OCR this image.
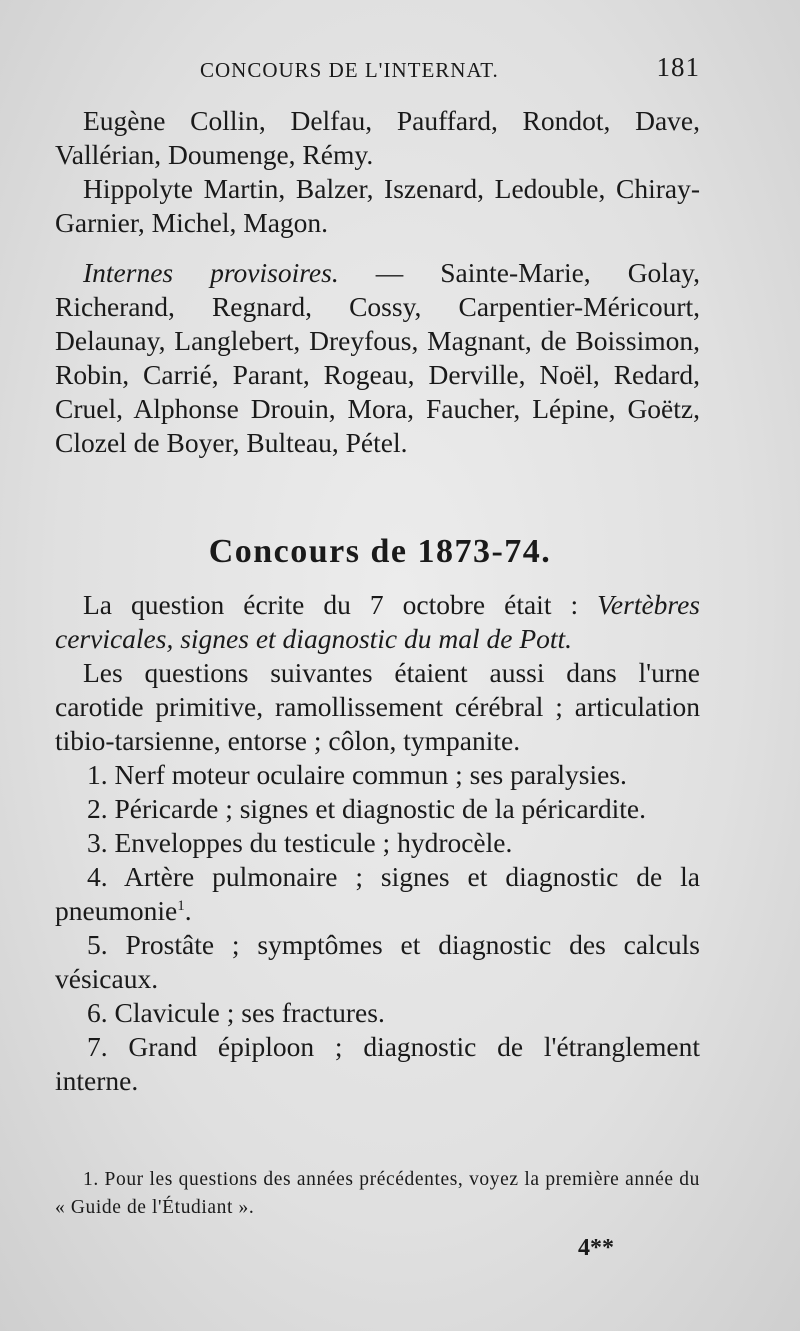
CONCOURS DE L'INTERNAT.	181

Eugène Collin, Delfau, Pauffard, Rondot, Dave, Vallérian, Doumenge, Rémy.

Hippolyte Martin, Balzer, Iszenard, Ledouble, Chiray-Garnier, Michel, Magon.

Internes provisoires. — Sainte-Marie, Golay, Richerand, Regnard, Cossy, Carpentier-Méricourt, Delaunay, Langlebert, Dreyfous, Magnant, de Boissimon, Robin, Carrié, Parant, Rogeau, Derville, Noël, Redard, Cruel, Alphonse Drouin, Mora, Faucher, Lépine, Goëtz, Clozel de Boyer, Bulteau, Pétel.

Concours de 1873-74.

La question écrite du 7 octobre était : Vertèbres cervicales, signes et diagnostic du mal de Pott.

Les questions suivantes étaient aussi dans l'urne carotide primitive, ramollissement cérébral ; articulation tibio-tarsienne, entorse ; côlon, tympanite.

1. Nerf moteur oculaire commun ; ses paralysies.

2. Péricarde ; signes et diagnostic de la péricardite.

3. Enveloppes du testicule ; hydrocèle.

4. Artère pulmonaire ; signes et diagnostic de la pneumonie$^1$.

5. Prostâte ; symptômes et diagnostic des calculs vésicaux.

6. Clavicule ; ses fractures.

7. Grand épiploon ; diagnostic de l'étranglement interne.

1. Pour les questions des années précédentes, voyez la première année du « Guide de l'Étudiant ».

4**
